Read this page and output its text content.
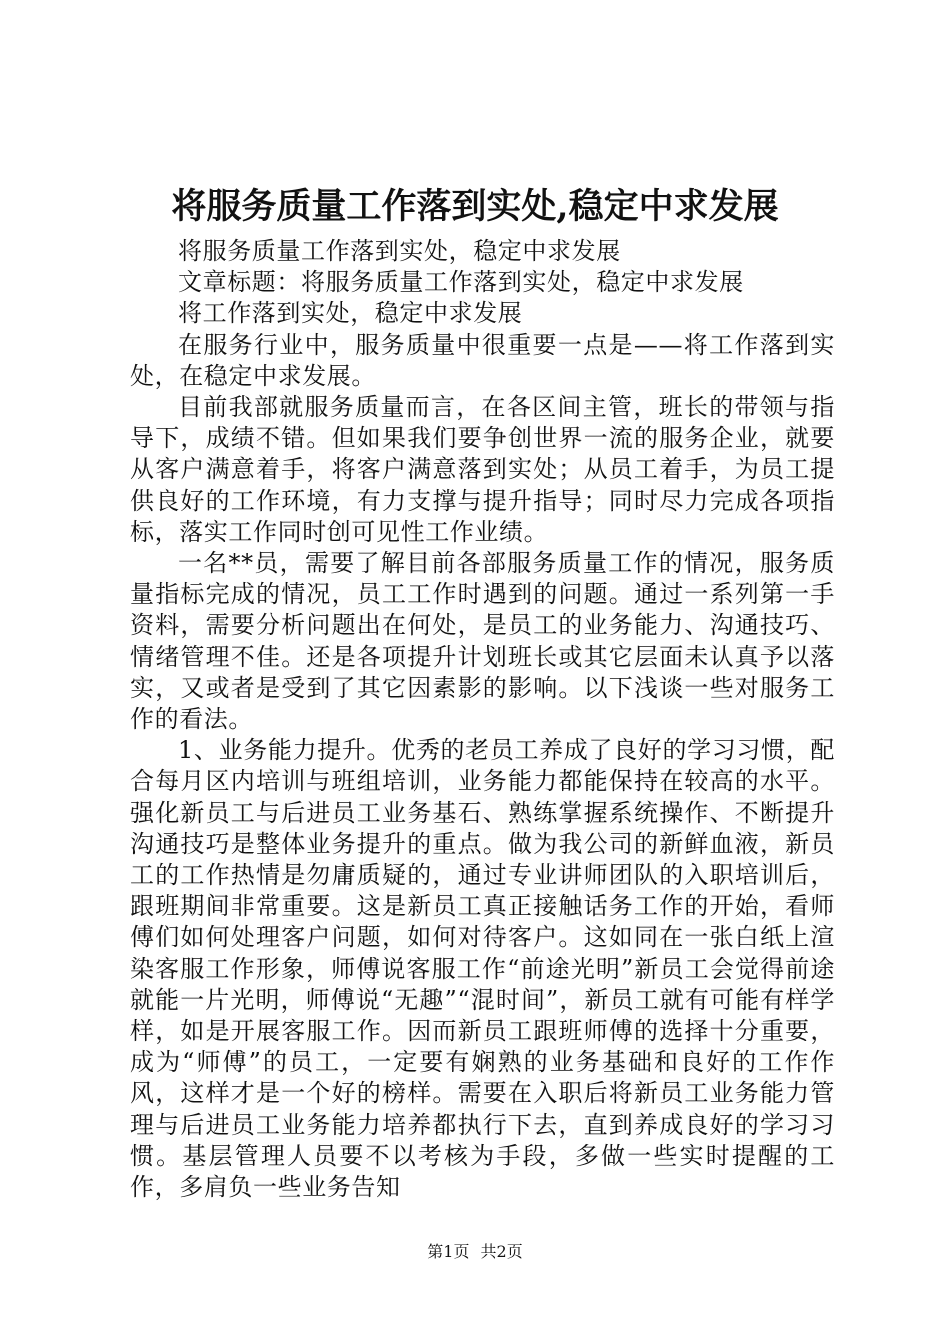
将服务质量工作落到实处,稳定中求发展

将服务质量工作落到实处，稳定中求发展

文章标题：将服务质量工作落到实处，稳定中求发展

将工作落到实处，稳定中求发展

在服务行业中，服务质量中很重要一点是——将工作落到实处，在稳定中求发展。

目前我部就服务质量而言，在各区间主管，班长的带领与指导下，成绩不错。但如果我们要争创世界一流的服务企业，就要从客户满意着手，将客户满意落到实处；从员工着手，为员工提供良好的工作环境，有力支撑与提升指导；同时尽力完成各项指标，落实工作同时创可见性工作业绩。

一名**员，需要了解目前各部服务质量工作的情况，服务质量指标完成的情况，员工工作时遇到的问题。通过一系列第一手资料，需要分析问题出在何处，是员工的业务能力、沟通技巧、情绪管理不佳。还是各项提升计划班长或其它层面未认真予以落实，又或者是受到了其它因素影的影响。以下浅谈一些对服务工作的看法。

1、业务能力提升。优秀的老员工养成了良好的学习习惯，配合每月区内培训与班组培训，业务能力都能保持在较高的水平。强化新员工与后进员工业务基石、熟练掌握系统操作、不断提升沟通技巧是整体业务提升的重点。做为我公司的新鲜血液，新员工的工作热情是勿庸质疑的，通过专业讲师团队的入职培训后，跟班期间非常重要。这是新员工真正接触话务工作的开始，看师傅们如何处理客户问题，如何对待客户。这如同在一张白纸上渲染客服工作形象，师傅说客服工作“前途光明”新员工会觉得前途就能一片光明，师傅说“无趣”“混时间”，新员工就有可能有样学样，如是开展客服工作。因而新员工跟班师傅的选择十分重要，成为“师傅”的员工，一定要有娴熟的业务基础和良好的工作作风，这样才是一个好的榜样。需要在入职后将新员工业务能力管理与后进员工业务能力培养都执行下去，直到养成良好的学习习惯。基层管理人员要不以考核为手段，多做一些实时提醒的工作，多肩负一些业务告知

第1页 共2页
